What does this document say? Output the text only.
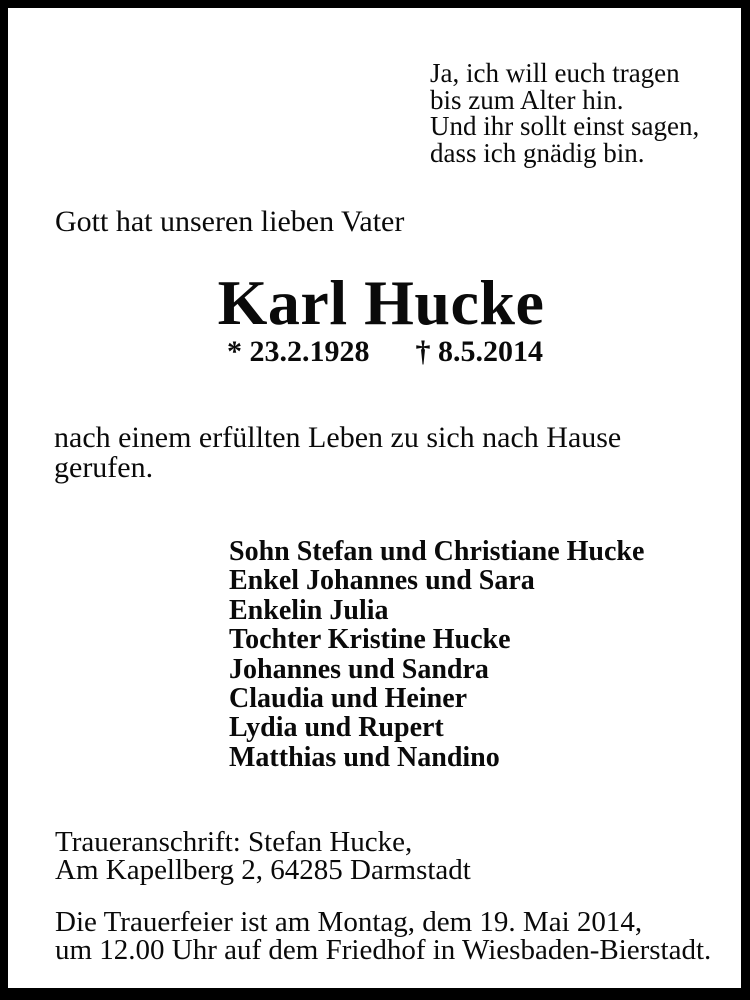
Ja, ich will euch tragen
bis zum Alter hin.
Und ihr sollt einst sagen,
dass ich gnädig bin.
Gott hat unseren lieben Vater
Karl Hucke
* 23.2.1928 † 8.5.2014
nach einem erfüllten Leben zu sich nach Hause
gerufen.
Sohn Stefan und Christiane Hucke
Enkel Johannes und Sara
Enkelin Julia
Tochter Kristine Hucke
Johannes und Sandra
Claudia und Heiner
Lydia und Rupert
Matthias und Nandino
Traueranschrift: Stefan Hucke,
Am Kapellberg 2, 64285 Darmstadt
Die Trauerfeier ist am Montag, dem 19. Mai 2014,
um 12.00 Uhr auf dem Friedhof in Wiesbaden-Bierstadt.
